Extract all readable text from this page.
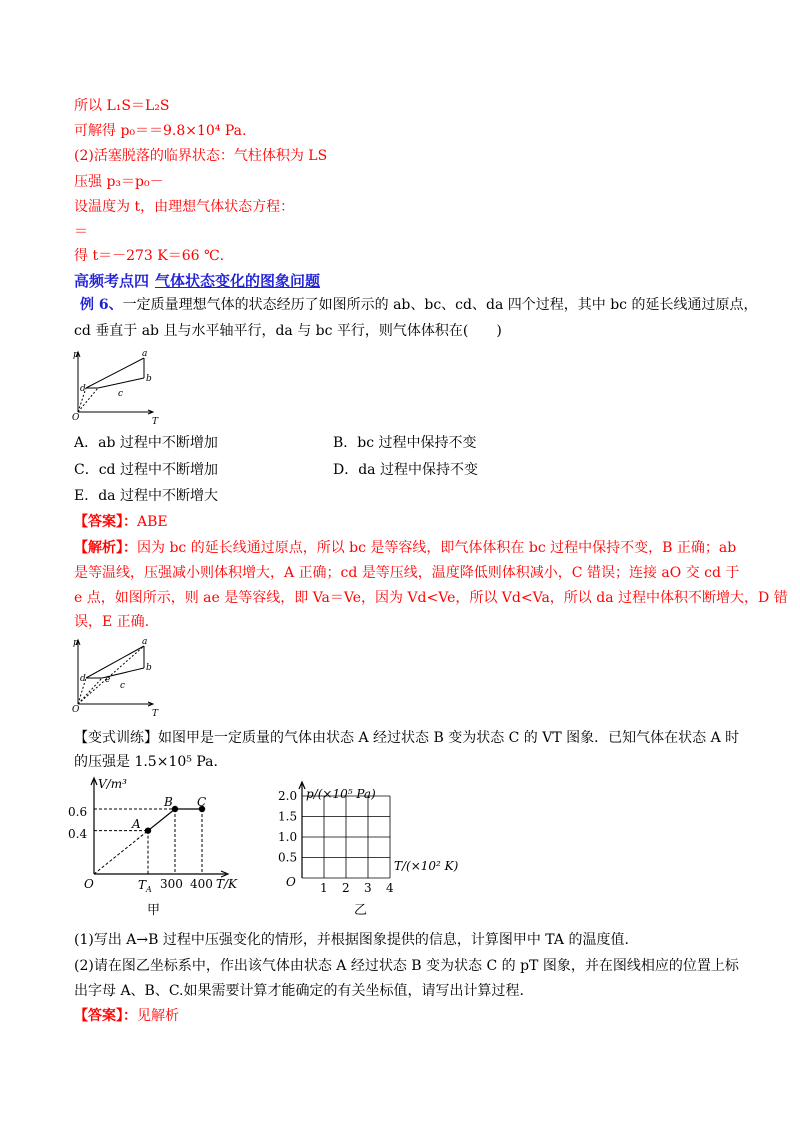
所以 L₁S＝L₂S
可解得 p₀＝＝9.8×10⁴ Pa.
(2)活塞脱落的临界状态：气柱体积为 LS
压强 p₃＝p₀－
设温度为 t，由理想气体状态方程：
＝
得 t＝－273 K＝66 ℃.
高频考点四 气体状态变化的图象问题
例 6、一定质量理想气体的状态经历了如图所示的 ab、bc、cd、da 四个过程，其中 bc 的延长线通过原点，
cd 垂直于 ab 且与水平轴平行，da 与 bc 平行，则气体体积在(　　)
p
T
O
a
b
c
d
A．ab 过程中不断增加	B．bc 过程中保持不变
C．cd 过程中不断增加	D．da 过程中保持不变
E．da 过程中不断增大
【答案】：ABE
【解析】：因为 bc 的延长线通过原点，所以 bc 是等容线，即气体体积在 bc 过程中保持不变，B 正确；ab
是等温线，压强减小则体积增大，A 正确；cd 是等压线，温度降低则体积减小，C 错误；连接 aO 交 cd 于
e 点，如图所示，则 ae 是等容线，即 Va＝Ve，因为 Vd<Ve，所以 Vd<Va，所以 da 过程中体积不断增大，D 错
误，E 正确.
p
T
O
a
b
c
d e
【变式训练】如图甲是一定质量的气体由状态 A 经过状态 B 变为状态 C 的 VT 图象．已知气体在状态 A 时
的压强是 1.5×10⁵ Pa.
V/m³
T/K
O
0.6
0.4
$T_A$ 300 400
A
B C
甲
p/(×10⁵ Pa)
T/(×10² K)
O
0.5
1.0
1.5
2.0
1 2 3 4
乙
(1)写出 A→B 过程中压强变化的情形，并根据图象提供的信息，计算图甲中 TA 的温度值.
(2)请在图乙坐标系中，作出该气体由状态 A 经过状态 B 变为状态 C 的 pT 图象，并在图线相应的位置上标
出字母 A、B、C.如果需要计算才能确定的有关坐标值，请写出计算过程.
【答案】：见解析
